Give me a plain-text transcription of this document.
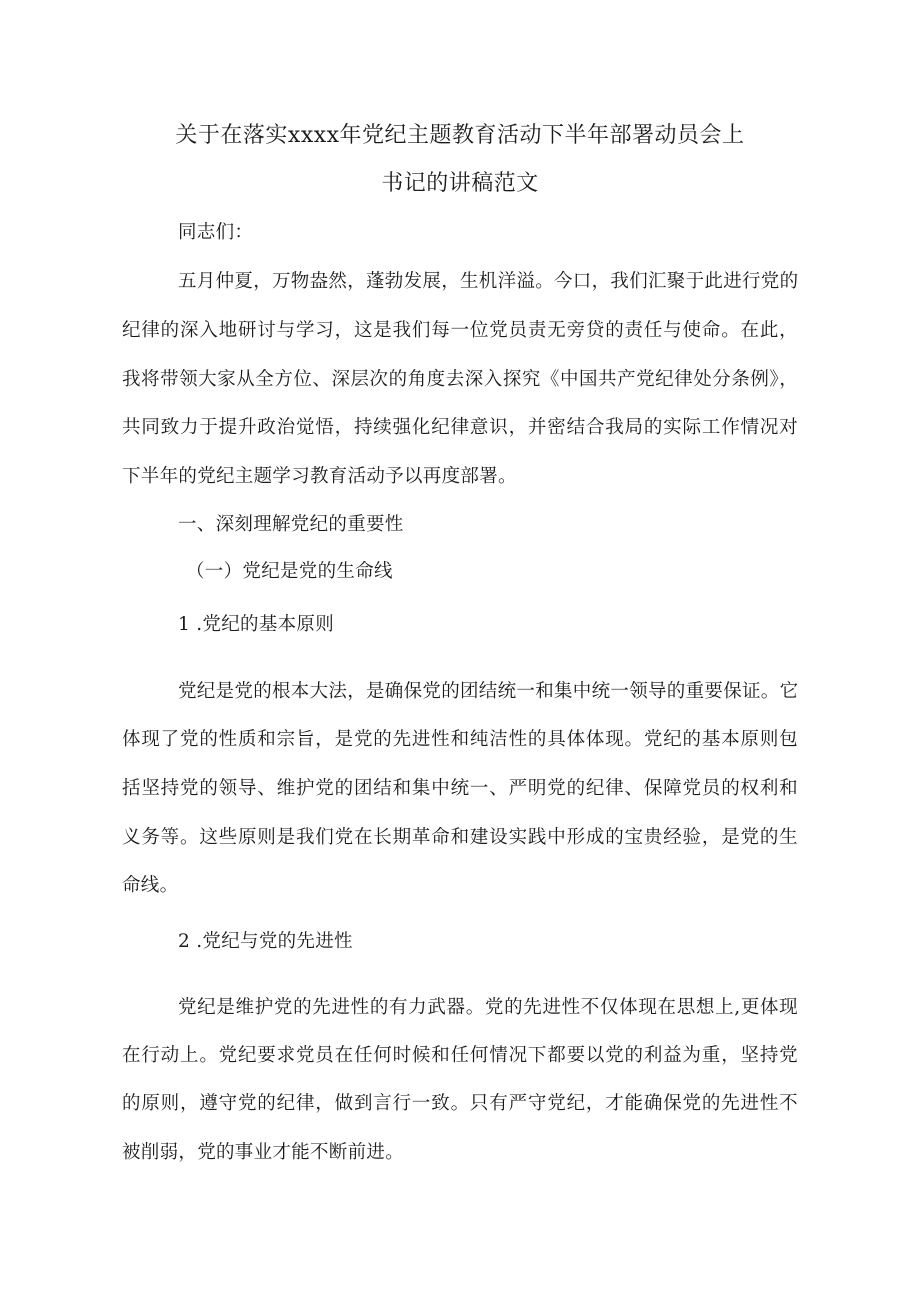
关于在落实xxxx年党纪主题教育活动下半年部署动员会上
书记的讲稿范文
同志们：
五月仲夏，万物盎然，蓬勃发展，生机洋溢。今口，我们汇聚于此进行党的
纪律的深入地研讨与学习，这是我们每一位党员责无旁贷的责任与使命。在此，
我将带领大家从全方位、深层次的角度去深入探究《中国共产党纪律处分条例》，
共同致力于提升政治觉悟，持续强化纪律意识，并密结合我局的实际工作情况对
下半年的党纪主题学习教育活动予以再度部署。
一、深刻理解党纪的重要性
（一）党纪是党的生命线
1 .党纪的基本原则
党纪是党的根本大法，是确保党的团结统一和集中统一领导的重要保证。它
体现了党的性质和宗旨，是党的先进性和纯洁性的具体体现。党纪的基本原则包
括坚持党的领导、维护党的团结和集中统一、严明党的纪律、保障党员的权利和
义务等。这些原则是我们党在长期革命和建设实践中形成的宝贵经验，是党的生
命线。
2 .党纪与党的先进性
党纪是维护党的先进性的有力武器。党的先进性不仅体现在思想上,更体现
在行动上。党纪要求党员在任何时候和任何情况下都要以党的利益为重，坚持党
的原则，遵守党的纪律，做到言行一致。只有严守党纪，才能确保党的先进性不
被削弱，党的事业才能不断前进。
